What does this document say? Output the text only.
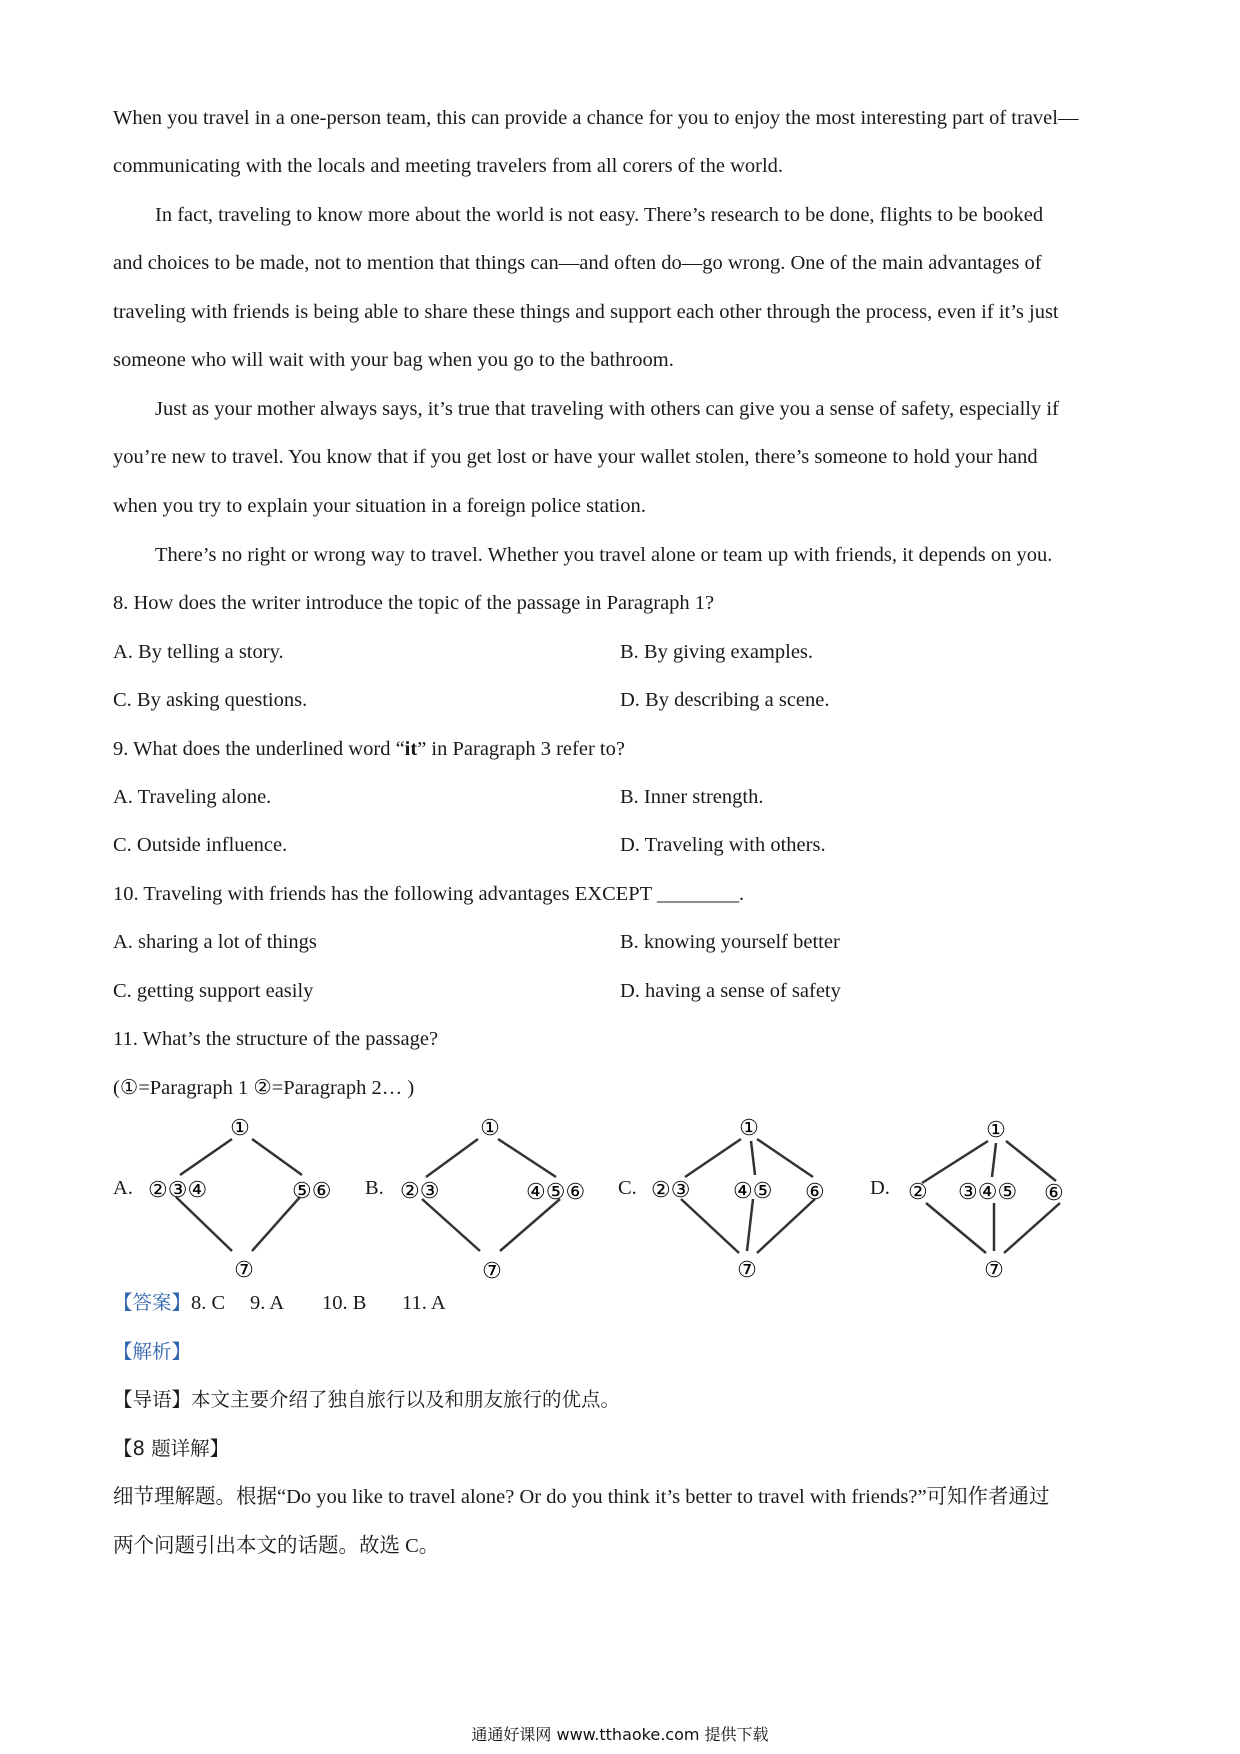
When you travel in a one-person team, this can provide a chance for you to enjoy the most interesting part of travel—
communicating with the locals and meeting travelers from all corers of the world.
In fact, traveling to know more about the world is not easy. There’s research to be done, flights to be booked
and choices to be made, not to mention that things can—and often do—go wrong. One of the main advantages of
traveling with friends is being able to share these things and support each other through the process, even if it’s just
someone who will wait with your bag when you go to the bathroom.
Just as your mother always says, it’s true that traveling with others can give you a sense of safety, especially if
you’re new to travel. You know that if you get lost or have your wallet stolen, there’s someone to hold your hand
when you try to explain your situation in a foreign police station.
There’s no right or wrong way to travel. Whether you travel alone or team up with friends, it depends on you.
8. How does the writer introduce the topic of the passage in Paragraph 1?
A. By telling a story.	B. By giving examples.
C. By asking questions.	D. By describing a scene.
9. What does the underlined word “it” in Paragraph 3 refer to?
A. Traveling alone.	B. Inner strength.
C. Outside influence.	D. Traveling with others.
10. Traveling with friends has the following advantages EXCEPT ________.
A. sharing a lot of things	B. knowing yourself better
C. getting support easily	D. having a sense of safety
11. What’s the structure of the passage?
(①=Paragraph 1 ②=Paragraph 2… )
A.
①
②③④	⑤⑥
⑦
B.
①
②③	④⑤⑥
⑦
C.
①
②③ ④⑤ ⑥
⑦
D.
①
② ③④⑤ ⑥
⑦
【答案】8. C 9. A 10. B 11. A
【解析】
【导语】本文主要介绍了独自旅行以及和朋友旅行的优点。
【8 题详解】
细节理解题。根据“Do you like to travel alone? Or do you think it’s better to travel with friends?”可知作者通过
两个问题引出本文的话题。故选 C。
通通好课网 www.tthaoke.com 提供下载
